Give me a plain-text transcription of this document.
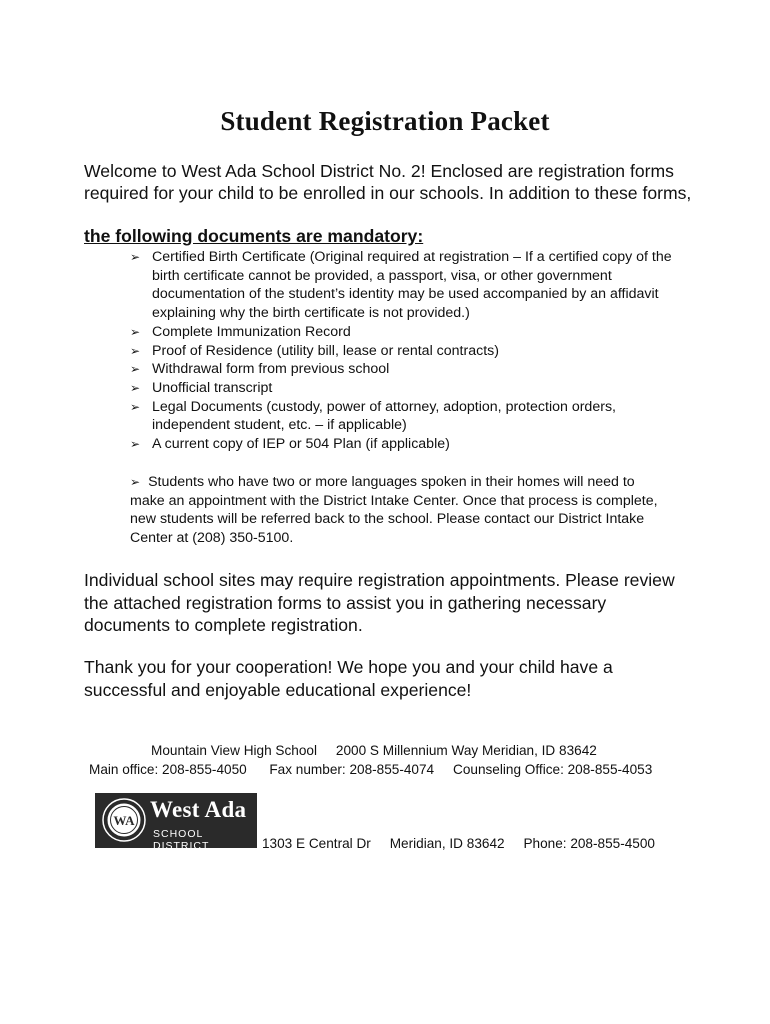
Student Registration Packet
Welcome to West Ada School District No. 2! Enclosed are registration forms required for your child to be enrolled in our schools. In addition to these forms,
the following documents are mandatory:
➢ Certified Birth Certificate (Original required at registration – If a certified copy of the birth certificate cannot be provided, a passport, visa, or other government documentation of the student’s identity may be used accompanied by an affidavit explaining why the birth certificate is not provided.)
➢ Complete Immunization Record
➢ Proof of Residence (utility bill, lease or rental contracts)
➢ Withdrawal form from previous school
➢ Unofficial transcript
➢ Legal Documents (custody, power of attorney, adoption, protection orders, independent student, etc. – if applicable)
➢ A current copy of IEP or 504 Plan (if applicable)
➢ Students who have two or more languages spoken in their homes will need to make an appointment with the District Intake Center. Once that process is complete, new students will be referred back to the school. Please contact our District Intake Center at (208) 350-5100.
Individual school sites may require registration appointments. Please review the attached registration forms to assist you in gathering necessary documents to complete registration.
Thank you for your cooperation! We hope you and your child have a successful and enjoyable educational experience!
Mountain View High School 2000 S Millennium Way Meridian, ID 83642
Main office: 208-855-4050 Fax number: 208-855-4074 Counseling Office: 208-855-4053
WA West Ada
SCHOOL DISTRICT	1303 E Central Dr Meridian, ID 83642 Phone: 208-855-4500
